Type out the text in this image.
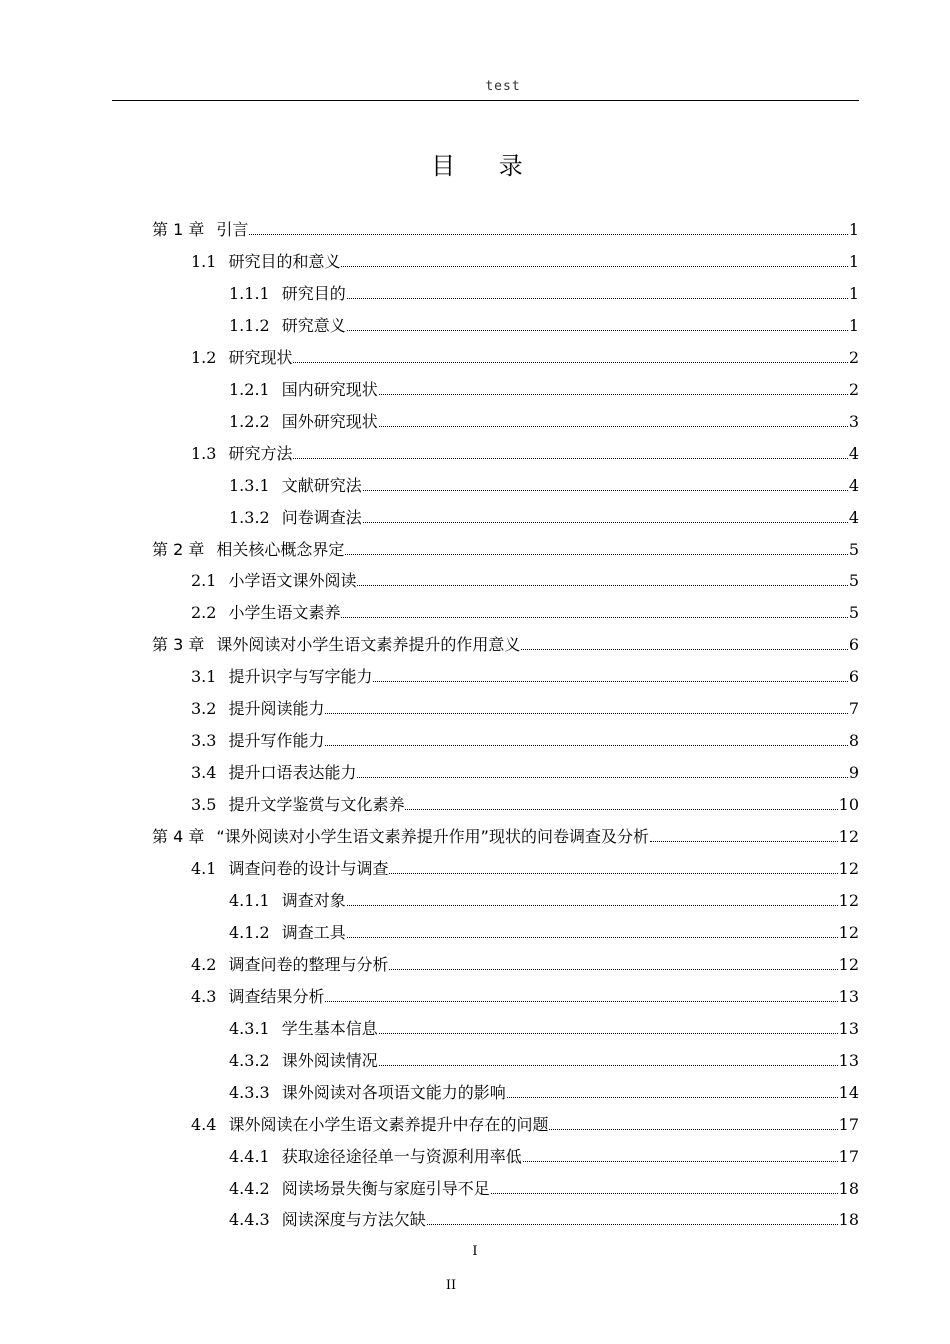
test
目 录
第 1 章 引言	1
1.1 研究目的和意义	1
1.1.1 研究目的	1
1.1.2 研究意义	1
1.2 研究现状	2
1.2.1 国内研究现状	2
1.2.2 国外研究现状	3
1.3 研究方法	4
1.3.1 文献研究法	4
1.3.2 问卷调查法	4
第 2 章 相关核心概念界定	5
2.1 小学语文课外阅读	5
2.2 小学生语文素养	5
第 3 章 课外阅读对小学生语文素养提升的作用意义	6
3.1 提升识字与写字能力	6
3.2 提升阅读能力	7
3.3 提升写作能力	8
3.4 提升口语表达能力	9
3.5 提升文学鉴赏与文化素养	10
第 4 章 “课外阅读对小学生语文素养提升作用”现状的问卷调查及分析	12
4.1 调查问卷的设计与调查	12
4.1.1 调查对象	12
4.1.2 调查工具	12
4.2 调查问卷的整理与分析	12
4.3 调查结果分析	13
4.3.1 学生基本信息	13
4.3.2 课外阅读情况	13
4.3.3 课外阅读对各项语文能力的影响	14
4.4 课外阅读在小学生语文素养提升中存在的问题	17
4.4.1 获取途径途径单一与资源利用率低	17
4.4.2 阅读场景失衡与家庭引导不足	18
4.4.3 阅读深度与方法欠缺	18
I
II
